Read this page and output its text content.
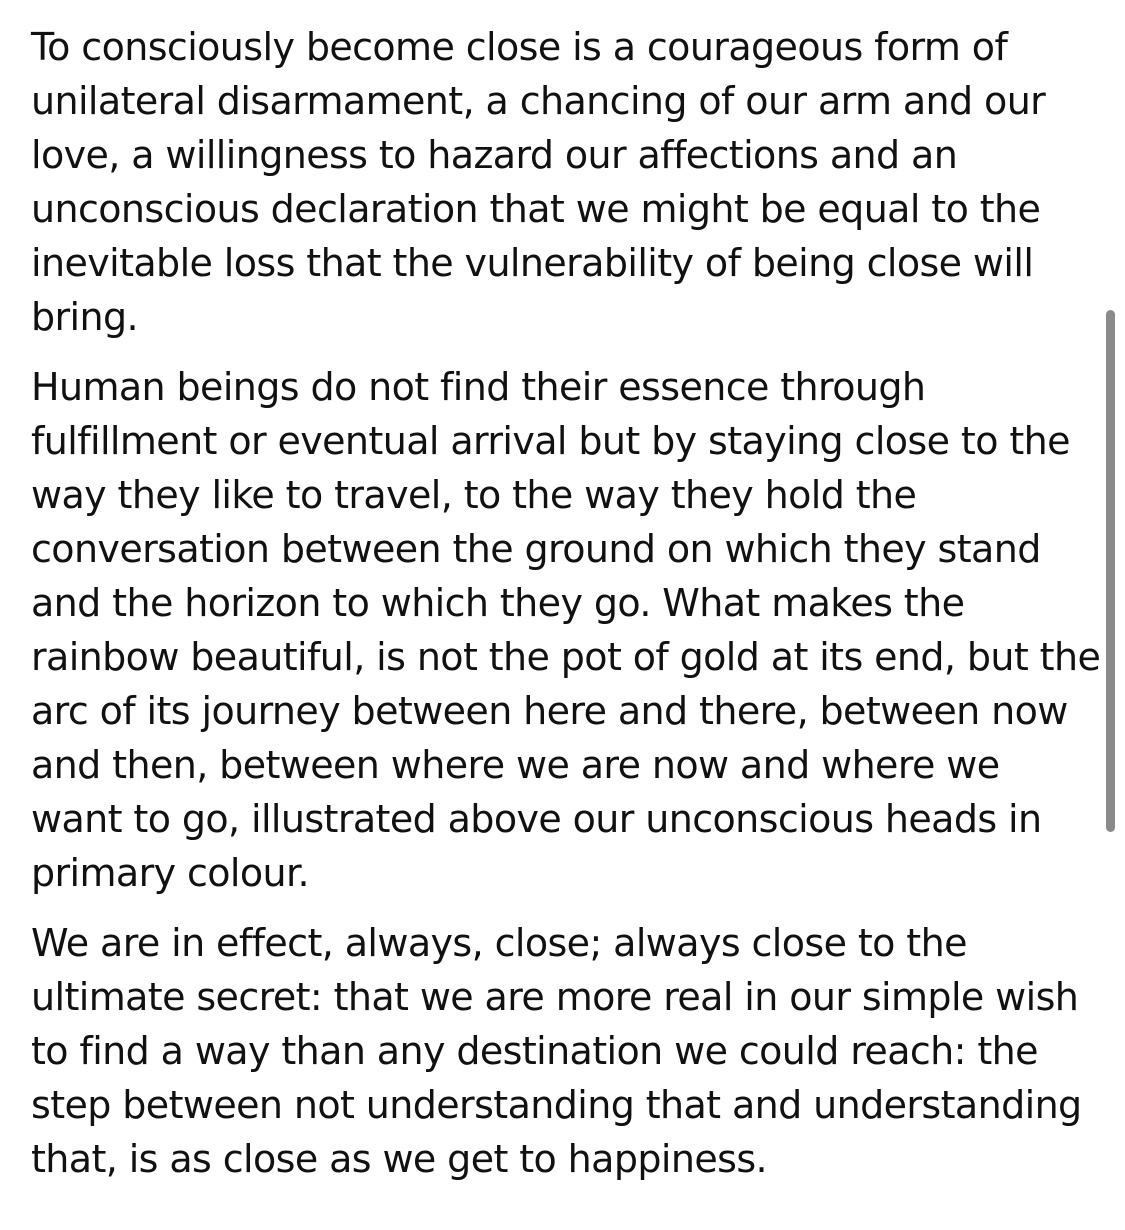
To consciously become close is a courageous form of unilateral disarmament, a chancing of our arm and our love, a willingness to hazard our affections and an unconscious declaration that we might be equal to the inevitable loss that the vulnerability of being close will bring.

Human beings do not find their essence through fulfillment or eventual arrival but by staying close to the way they like to travel, to the way they hold the conversation between the ground on which they stand and the horizon to which they go. What makes the rainbow beautiful, is not the pot of gold at its end, but the arc of its journey between here and there, between now and then, between where we are now and where we want to go, illustrated above our unconscious heads in primary colour.

We are in effect, always, close; always close to the ultimate secret: that we are more real in our simple wish to find a way than any destination we could reach: the step between not understanding that and understanding that, is as close as we get to happiness.
